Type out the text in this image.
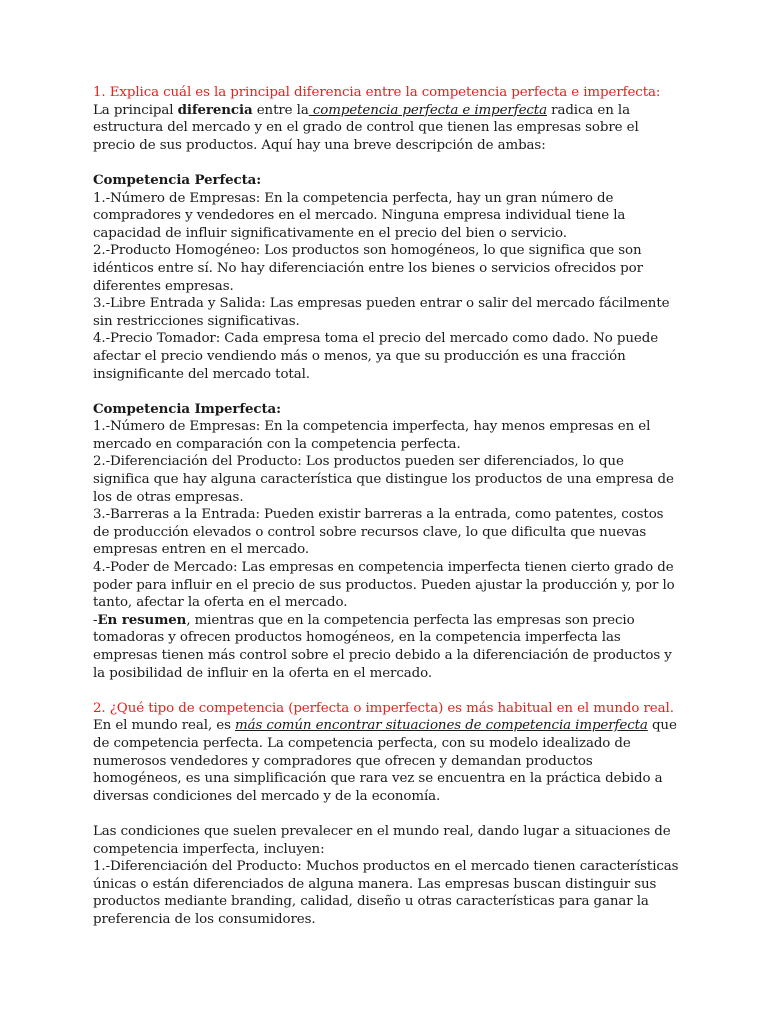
1. Explica cuál es la principal diferencia entre la competencia perfecta e imperfecta:

La principal diferencia entre la competencia perfecta e imperfecta radica en la estructura del mercado y en el grado de control que tienen las empresas sobre el precio de sus productos. Aquí hay una breve descripción de ambas:

Competencia Perfecta:

1.-Número de Empresas: En la competencia perfecta, hay un gran número de compradores y vendedores en el mercado. Ninguna empresa individual tiene la capacidad de influir significativamente en el precio del bien o servicio.

2.-Producto Homogéneo: Los productos son homogéneos, lo que significa que son idénticos entre sí. No hay diferenciación entre los bienes o servicios ofrecidos por diferentes empresas.

3.-Libre Entrada y Salida: Las empresas pueden entrar o salir del mercado fácilmente sin restricciones significativas.

4.-Precio Tomador: Cada empresa toma el precio del mercado como dado. No puede afectar el precio vendiendo más o menos, ya que su producción es una fracción insignificante del mercado total.

Competencia Imperfecta:

1.-Número de Empresas: En la competencia imperfecta, hay menos empresas en el mercado en comparación con la competencia perfecta.

2.-Diferenciación del Producto: Los productos pueden ser diferenciados, lo que significa que hay alguna característica que distingue los productos de una empresa de los de otras empresas.

3.-Barreras a la Entrada: Pueden existir barreras a la entrada, como patentes, costos de producción elevados o control sobre recursos clave, lo que dificulta que nuevas empresas entren en el mercado.

4.-Poder de Mercado: Las empresas en competencia imperfecta tienen cierto grado de poder para influir en el precio de sus productos. Pueden ajustar la producción y, por lo tanto, afectar la oferta en el mercado.

-En resumen, mientras que en la competencia perfecta las empresas son precio tomadoras y ofrecen productos homogéneos, en la competencia imperfecta las empresas tienen más control sobre el precio debido a la diferenciación de productos y la posibilidad de influir en la oferta en el mercado.

2. ¿Qué tipo de competencia (perfecta o imperfecta) es más habitual en el mundo real.

En el mundo real, es más común encontrar situaciones de competencia imperfecta que de competencia perfecta. La competencia perfecta, con su modelo idealizado de numerosos vendedores y compradores que ofrecen y demandan productos homogéneos, es una simplificación que rara vez se encuentra en la práctica debido a diversas condiciones del mercado y de la economía.

Las condiciones que suelen prevalecer en el mundo real, dando lugar a situaciones de competencia imperfecta, incluyen:

1.-Diferenciación del Producto: Muchos productos en el mercado tienen características únicas o están diferenciados de alguna manera. Las empresas buscan distinguir sus productos mediante branding, calidad, diseño u otras características para ganar la preferencia de los consumidores.
